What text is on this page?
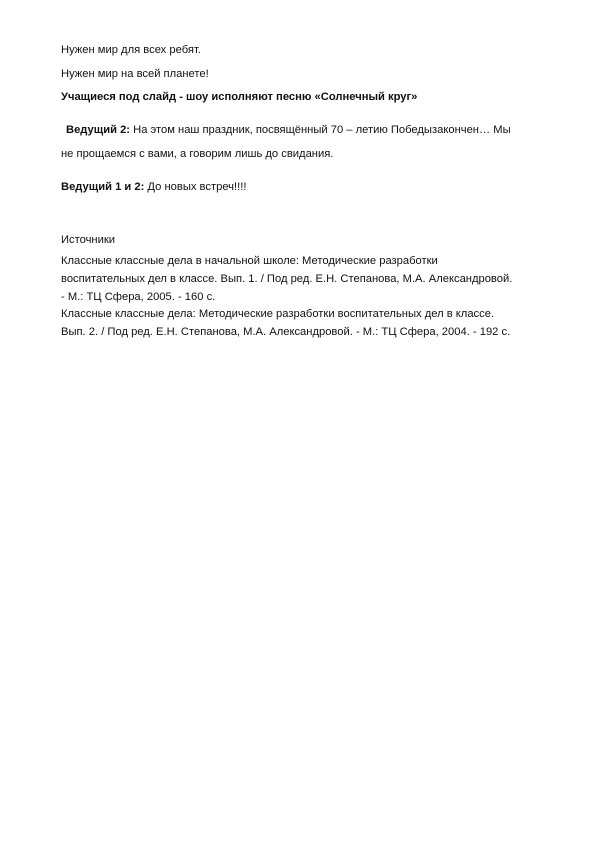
Нужен мир для всех ребят.
Нужен мир на всей планете!
Учащиеся под слайд - шоу исполняют песню «Солнечный круг»
Ведущий 2: На этом наш праздник, посвящённый 70 – летию Победызакончен… Мы
не прощаемся с вами, а говорим лишь до свидания.
Ведущий 1 и 2: До новых встреч!!!!
Источники
Классные классные дела в начальной школе: Методические разработки
воспитательных дел в классе. Вып. 1. / Под ред. Е.Н. Степанова, М.А. Александровой.
- М.: ТЦ Сфера, 2005. - 160 с.
Классные классные дела: Методические разработки воспитательных дел в классе.
Вып. 2. / Под ред. Е.Н. Степанова, М.А. Александровой. - М.: ТЦ Сфера, 2004. - 192 с.
